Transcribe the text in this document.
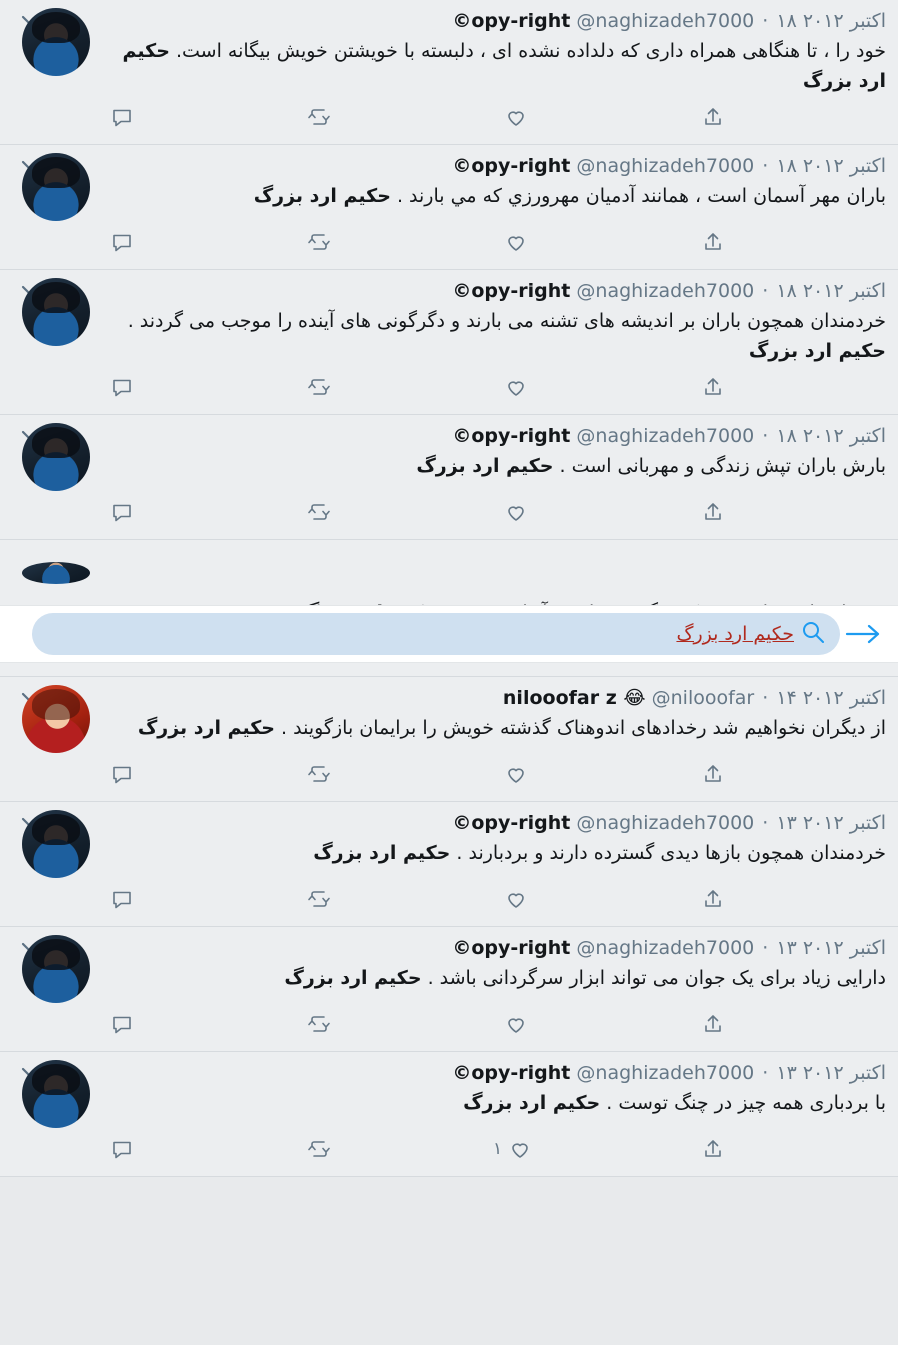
©opy-right @naghizadeh7000 · ۱۸ اکتبر ۲۰۱۲
خود را ، تا هنگاهی همراه داری که دلداده نشده ای ، دلبسته با خویشتن خویش بیگانه است. حکیم ارد بزرگ
©opy-right @naghizadeh7000 · ۱۸ اکتبر ۲۰۱۲
باران مهر آسمان است ، همانند آدمیان مهرورزي که مي بارند . حکیم ارد بزرگ
©opy-right @naghizadeh7000 · ۱۸ اکتبر ۲۰۱۲
خردمندان همچون باران بر اندیشه های تشنه می بارند و دگرگونی های آینده را موجب می گردند . حکیم ارد بزرگ
©opy-right @naghizadeh7000 · ۱۸ اکتبر ۲۰۱۲
بارش باران تپش زندگی و مهربانی است . حکیم ارد بزرگ
حکیم ارد بزرگ
nilooofar z 😂 @nilooofar · ۱۴ اکتبر ۲۰۱۲
از دیگران نخواهیم شد رخدادهای اندوهناک گذشته خویش را برایمان بازگویند . حکیم ارد بزرگ
©opy-right @naghizadeh7000 · ۱۳ اکتبر ۲۰۱۲
خردمندان همچون بازها دیدی گسترده دارند و بردبارند . حکیم ارد بزرگ
©opy-right @naghizadeh7000 · ۱۳ اکتبر ۲۰۱۲
دارایی زیاد برای یک جوان می تواند ابزار سرگردانی باشد . حکیم ارد بزرگ
©opy-right @naghizadeh7000 · ۱۳ اکتبر ۲۰۱۲
با بردباری همه چیز در چنگ توست . حکیم ارد بزرگ
۱
